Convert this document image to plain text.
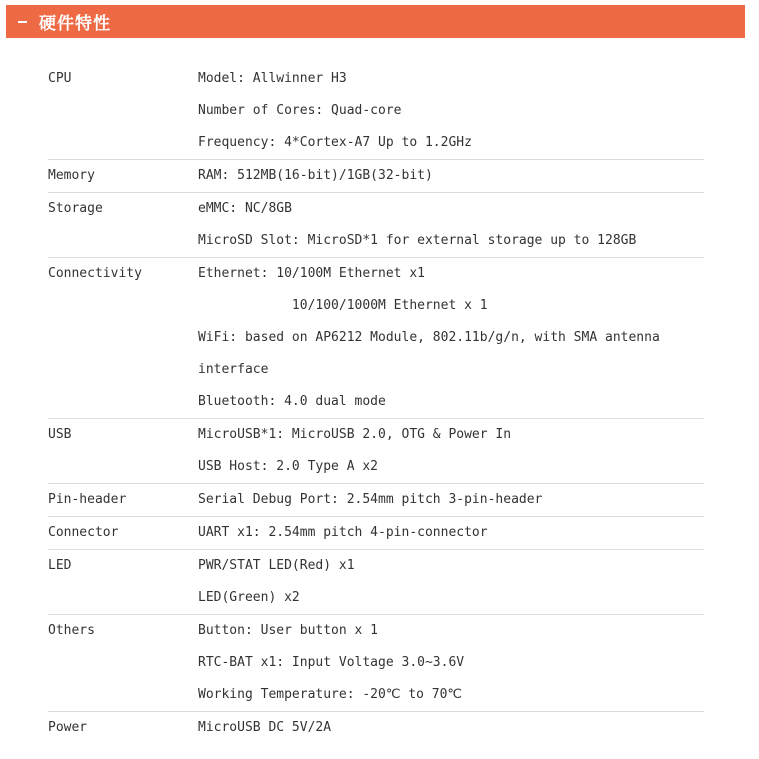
硬件特性
CPU	Model: Allwinner H3
Number of Cores: Quad-core
Frequency: 4*Cortex-A7 Up to 1.2GHz
Memory	RAM: 512MB(16-bit)/1GB(32-bit)
Storage	eMMC: NC/8GB
MicroSD Slot: MicroSD*1 for external storage up to 128GB
Connectivity	Ethernet: 10/100M Ethernet x1
10/100/1000M Ethernet x 1
WiFi: based on AP6212 Module, 802.11b/g/n, with SMA antenna
interface
Bluetooth: 4.0 dual mode
USB	MicroUSB*1: MicroUSB 2.0, OTG & Power In
USB Host: 2.0 Type A x2
Pin-header	Serial Debug Port: 2.54mm pitch 3-pin-header
Connector	UART x1: 2.54mm pitch 4-pin-connector
LED	PWR/STAT LED(Red) x1
LED(Green) x2
Others	Button: User button x 1
RTC-BAT x1: Input Voltage 3.0~3.6V
Working Temperature: -20℃ to 70℃
Power	MicroUSB DC 5V/2A
